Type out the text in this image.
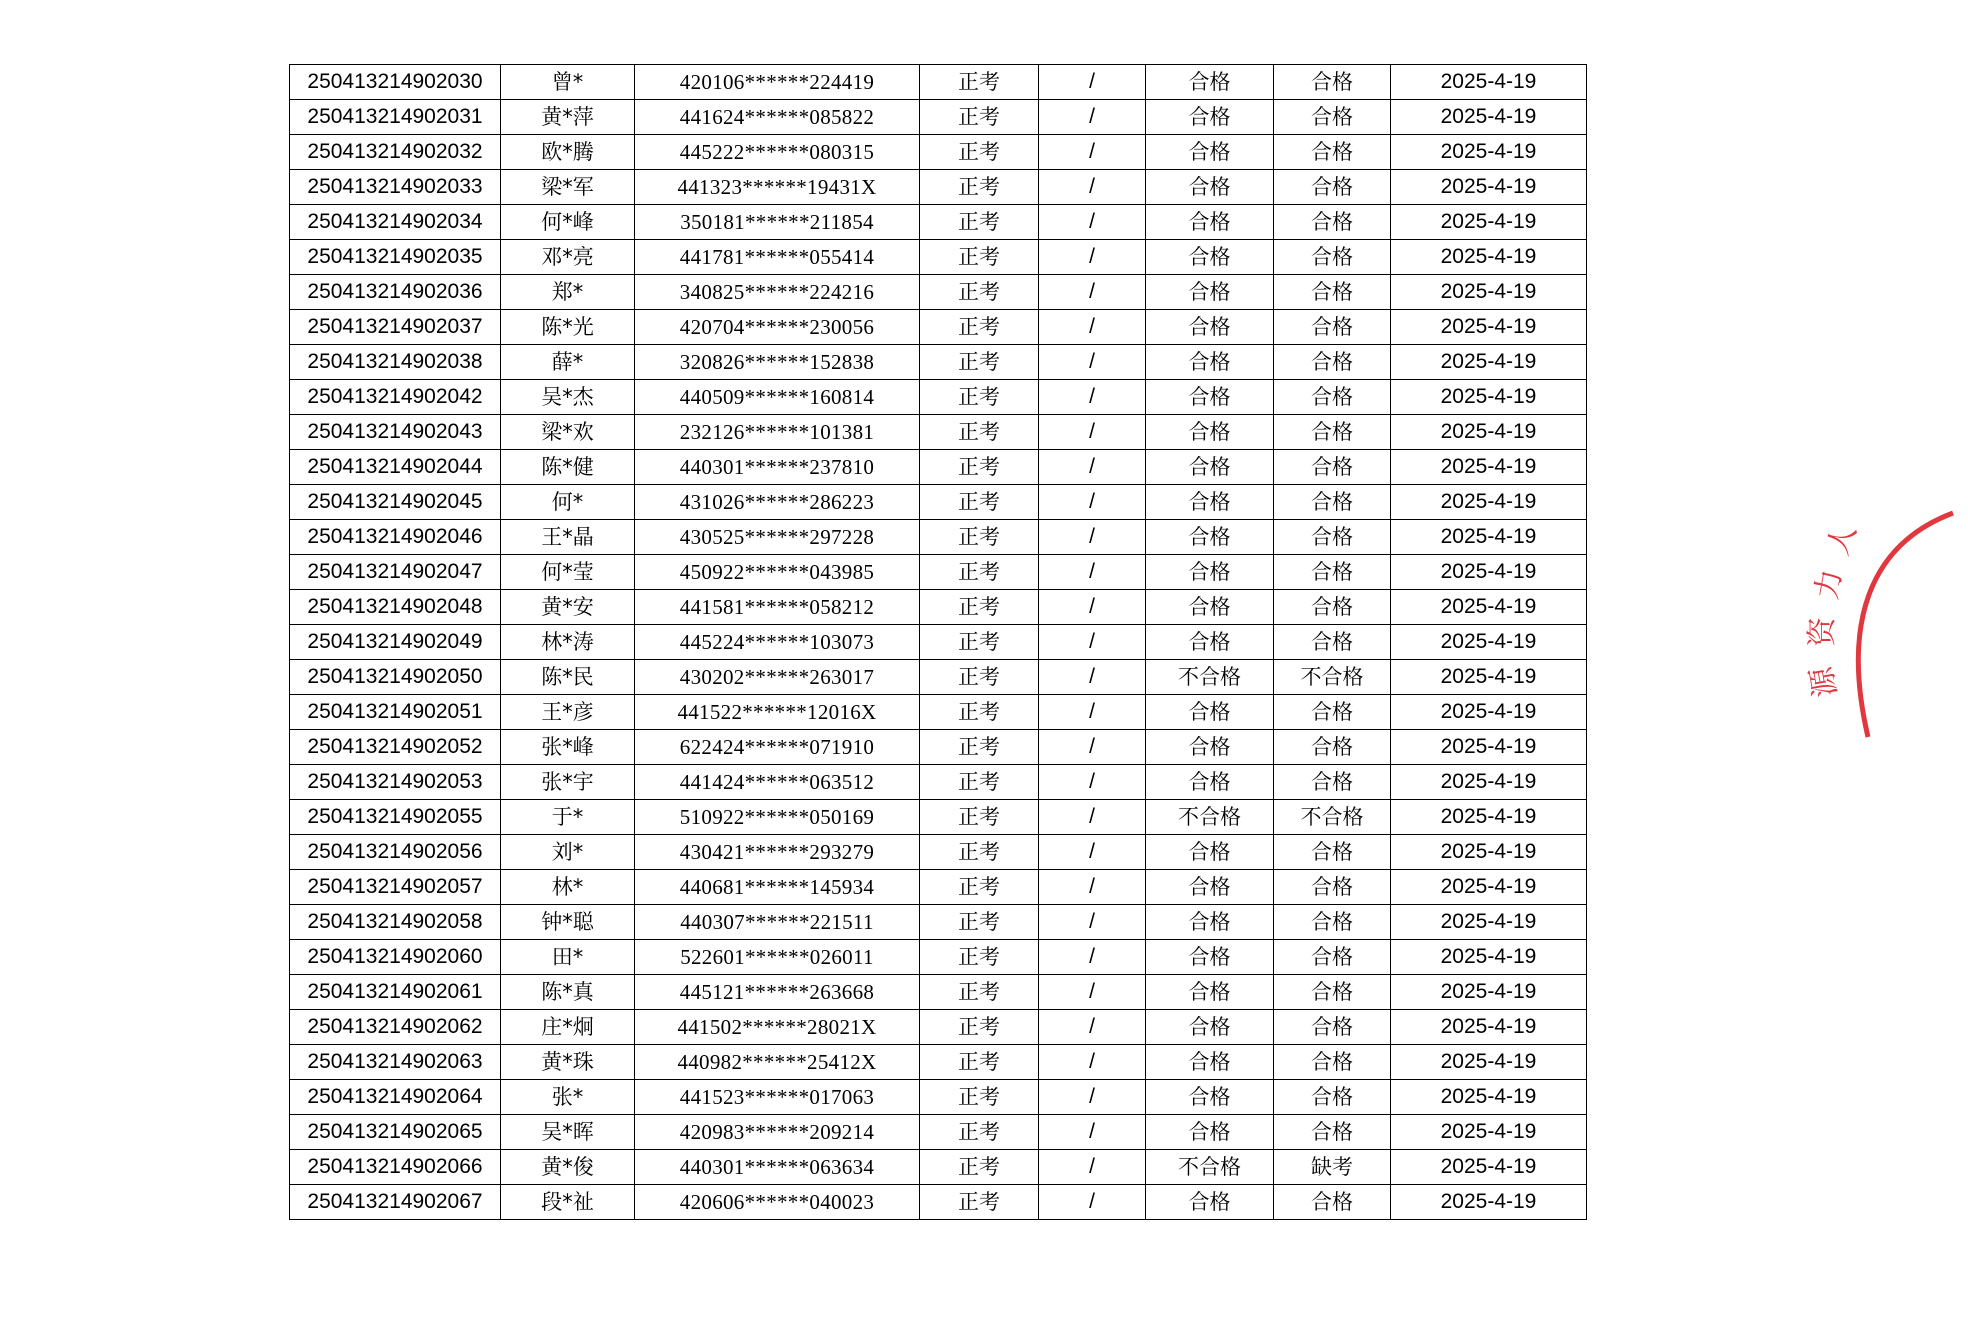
250413214902030	曾*	420106******224419	正考	/	合格	合格	2025-4-19
250413214902031	黄*萍	441624******085822	正考	/	合格	合格	2025-4-19
250413214902032	欧*腾	445222******080315	正考	/	合格	合格	2025-4-19
250413214902033	梁*军	441323******19431X	正考	/	合格	合格	2025-4-19
250413214902034	何*峰	350181******211854	正考	/	合格	合格	2025-4-19
250413214902035	邓*亮	441781******055414	正考	/	合格	合格	2025-4-19
250413214902036	郑*	340825******224216	正考	/	合格	合格	2025-4-19
250413214902037	陈*光	420704******230056	正考	/	合格	合格	2025-4-19
250413214902038	薛*	320826******152838	正考	/	合格	合格	2025-4-19
250413214902042	吴*杰	440509******160814	正考	/	合格	合格	2025-4-19
250413214902043	梁*欢	232126******101381	正考	/	合格	合格	2025-4-19
250413214902044	陈*健	440301******237810	正考	/	合格	合格	2025-4-19
250413214902045	何*	431026******286223	正考	/	合格	合格	2025-4-19
250413214902046	王*晶	430525******297228	正考	/	合格	合格	2025-4-19
250413214902047	何*莹	450922******043985	正考	/	合格	合格	2025-4-19
250413214902048	黄*安	441581******058212	正考	/	合格	合格	2025-4-19
250413214902049	林*涛	445224******103073	正考	/	合格	合格	2025-4-19
250413214902050	陈*民	430202******263017	正考	/	不合格	不合格	2025-4-19
250413214902051	王*彦	441522******12016X	正考	/	合格	合格	2025-4-19
250413214902052	张*峰	622424******071910	正考	/	合格	合格	2025-4-19
250413214902053	张*宇	441424******063512	正考	/	合格	合格	2025-4-19
250413214902055	于*	510922******050169	正考	/	不合格	不合格	2025-4-19
250413214902056	刘*	430421******293279	正考	/	合格	合格	2025-4-19
250413214902057	林*	440681******145934	正考	/	合格	合格	2025-4-19
250413214902058	钟*聪	440307******221511	正考	/	合格	合格	2025-4-19
250413214902060	田*	522601******026011	正考	/	合格	合格	2025-4-19
250413214902061	陈*真	445121******263668	正考	/	合格	合格	2025-4-19
250413214902062	庄*炯	441502******28021X	正考	/	合格	合格	2025-4-19
250413214902063	黄*珠	440982******25412X	正考	/	合格	合格	2025-4-19
250413214902064	张*	441523******017063	正考	/	合格	合格	2025-4-19
250413214902065	吴*晖	420983******209214	正考	/	合格	合格	2025-4-19
250413214902066	黄*俊	440301******063634	正考	/	不合格	缺考	2025-4-19
250413214902067	段*祉	420606******040023	正考	/	合格	合格	2025-4-19
人
力
资
源
